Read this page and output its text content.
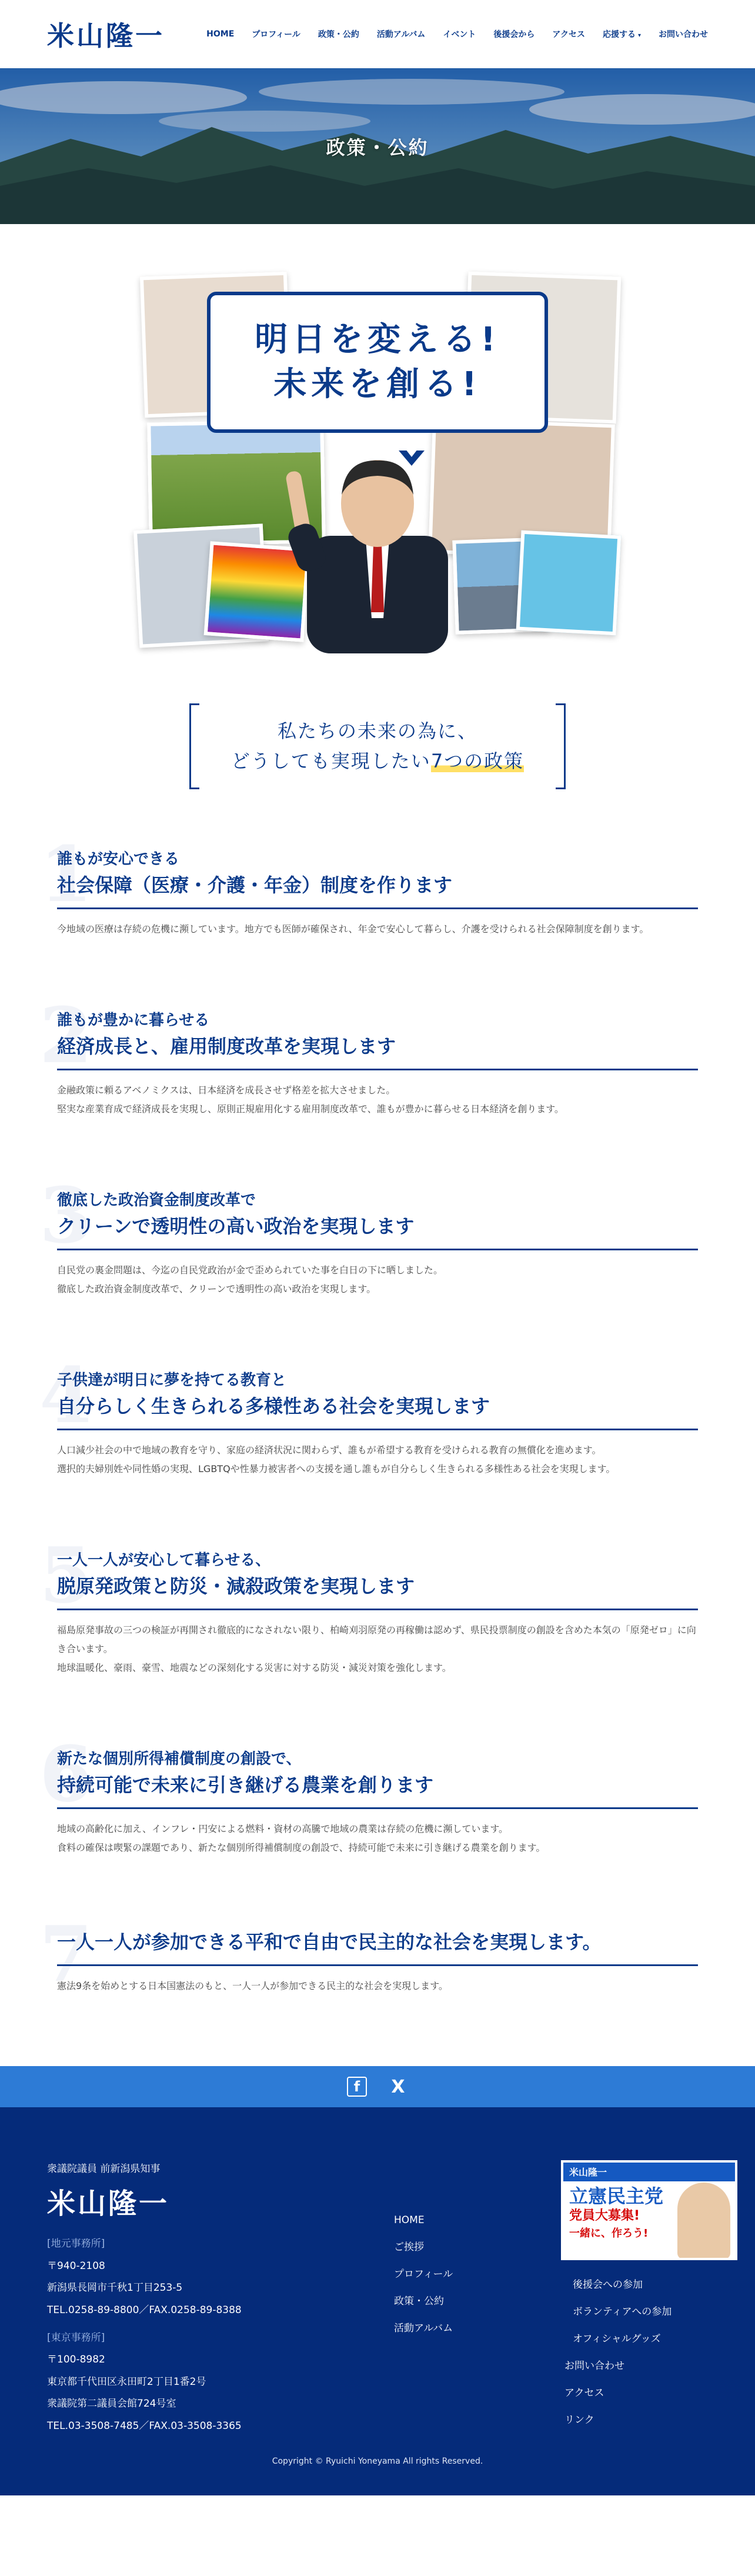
米山隆一	HOME プロフィール 政策・公約 活動アルバム イベント 後援会から アクセス 応援する ▾ お問い合わせ
政策・公約
明日を変える!
未来を創る!
私たちの未来の為に、
どうしても実現したい7つの政策
1
誰もが安心できる
社会保障（医療・介護・年金）制度を作ります

今地域の医療は存続の危機に瀕しています。地方でも医師が確保され、年金で安心して暮らし、介護を受けられる社会保障制度を創ります。

2
誰もが豊かに暮らせる
経済成長と、雇用制度改革を実現します

金融政策に頼るアベノミクスは、日本経済を成長させず格差を拡大させました。

堅実な産業育成で経済成長を実現し、原則正規雇用化する雇用制度改革で、誰もが豊かに暮らせる日本経済を創ります。

3
徹底した政治資金制度改革で
クリーンで透明性の高い政治を実現します

自民党の裏金問題は、今迄の自民党政治が金で歪められていた事を白日の下に晒しました。

徹底した政治資金制度改革で、クリーンで透明性の高い政治を実現します。

4
子供達が明日に夢を持てる教育と
自分らしく生きられる多様性ある社会を実現します

人口減少社会の中で地域の教育を守り、家庭の経済状況に関わらず、誰もが希望する教育を受けられる教育の無償化を進めます。

選択的夫婦別姓や同性婚の実現、LGBTQや性暴力被害者への支援を通し誰もが自分らしく生きられる多様性ある社会を実現します。

5
一人一人が安心して暮らせる、
脱原発政策と防災・減殺政策を実現します

福島原発事故の三つの検証が再開され徹底的になされない限り、柏崎刈羽原発の再稼働は認めず、県民投票制度の創設を含めた本気の「原発ゼロ」に向き合います。

地球温暖化、豪雨、豪雪、地震などの深刻化する災害に対する防災・減災対策を強化します。

6
新たな個別所得補償制度の創設で、
持続可能で未来に引き継げる農業を創ります

地域の高齢化に加え、インフレ・円安による燃料・資材の高騰で地域の農業は存続の危機に瀕しています。

食料の確保は喫緊の課題であり、新たな個別所得補償制度の創設で、持続可能で未来に引き継げる農業を創ります。

7
一人一人が参加できる平和で自由で民主的な社会を実現します。

憲法9条を始めとする日本国憲法のもと、一人一人が参加できる民主的な社会を実現します。

f	X
衆議院議員 前新潟県知事
米山隆一
[地元事務所]
〒940-2108
新潟県長岡市千秋1丁目253-5
TEL.0258-89-8800／FAX.0258-89-8388
[東京事務所]
〒100-8982
東京都千代田区永田町2丁目1番2号
衆議院第二議員会館724号室
TEL.03-3508-7485／FAX.03-3508-3365
HOME
ご挨拶
プロフィール
政策・公約
活動アルバム
後援会への参加
ボランティアへの参加
オフィシャルグッズ
お問い合わせ
アクセス
リンク
米山隆一
立憲民主党
党員大募集!
一緒に、作ろう!
Copyright © Ryuichi Yoneyama All rights Reserved.
